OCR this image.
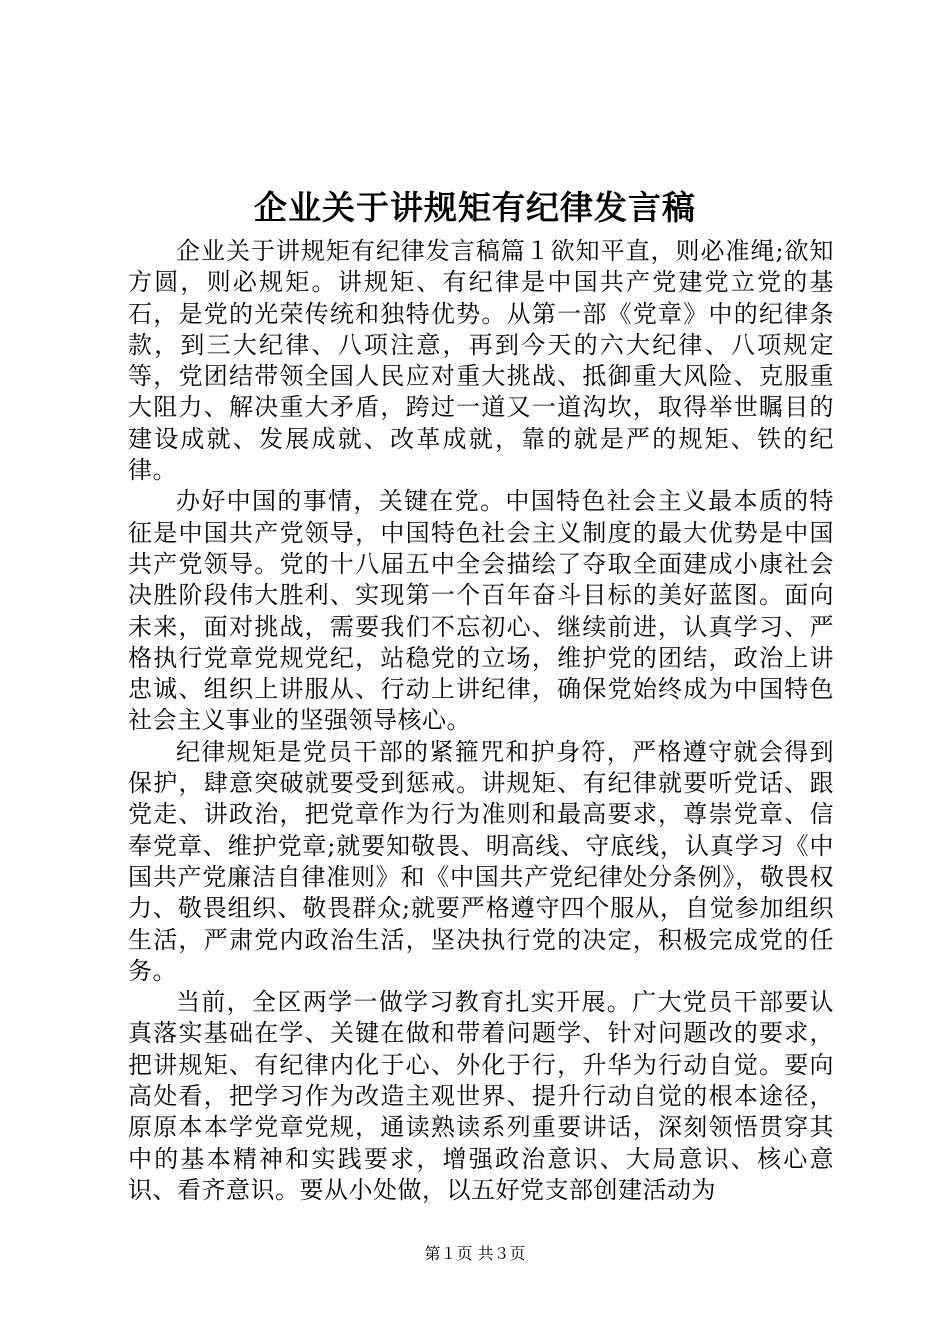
企业关于讲规矩有纪律发言稿

企业关于讲规矩有纪律发言稿篇１欲知平直，则必准绳;欲知方圆，则必规矩。讲规矩、有纪律是中国共产党建党立党的基石，是党的光荣传统和独特优势。从第一部《党章》中的纪律条款，到三大纪律、八项注意，再到今天的六大纪律、八项规定等，党团结带领全国人民应对重大挑战、抵御重大风险、克服重大阻力、解决重大矛盾，跨过一道又一道沟坎，取得举世瞩目的建设成就、发展成就、改革成就，靠的就是严的规矩、铁的纪律。

办好中国的事情，关键在党。中国特色社会主义最本质的特征是中国共产党领导，中国特色社会主义制度的最大优势是中国共产党领导。党的十八届五中全会描绘了夺取全面建成小康社会决胜阶段伟大胜利、实现第一个百年奋斗目标的美好蓝图。面向未来，面对挑战，需要我们不忘初心、继续前进，认真学习、严格执行党章党规党纪，站稳党的立场，维护党的团结，政治上讲忠诚、组织上讲服从、行动上讲纪律，确保党始终成为中国特色社会主义事业的坚强领导核心。

纪律规矩是党员干部的紧箍咒和护身符，严格遵守就会得到保护，肆意突破就要受到惩戒。讲规矩、有纪律就要听党话、跟党走、讲政治，把党章作为行为准则和最高要求，尊崇党章、信奉党章、维护党章;就要知敬畏、明高线、守底线，认真学习《中国共产党廉洁自律准则》和《中国共产党纪律处分条例》，敬畏权力、敬畏组织、敬畏群众;就要严格遵守四个服从，自觉参加组织生活，严肃党内政治生活，坚决执行党的决定，积极完成党的任务。

当前，全区两学一做学习教育扎实开展。广大党员干部要认真落实基础在学、关键在做和带着问题学、针对问题改的要求，把讲规矩、有纪律内化于心、外化于行，升华为行动自觉。要向高处看，把学习作为改造主观世界、提升行动自觉的根本途径，原原本本学党章党规，通读熟读系列重要讲话，深刻领悟贯穿其中的基本精神和实践要求，增强政治意识、大局意识、核心意识、看齐意识。要从小处做，以五好党支部创建活动为

第１页 共３页
